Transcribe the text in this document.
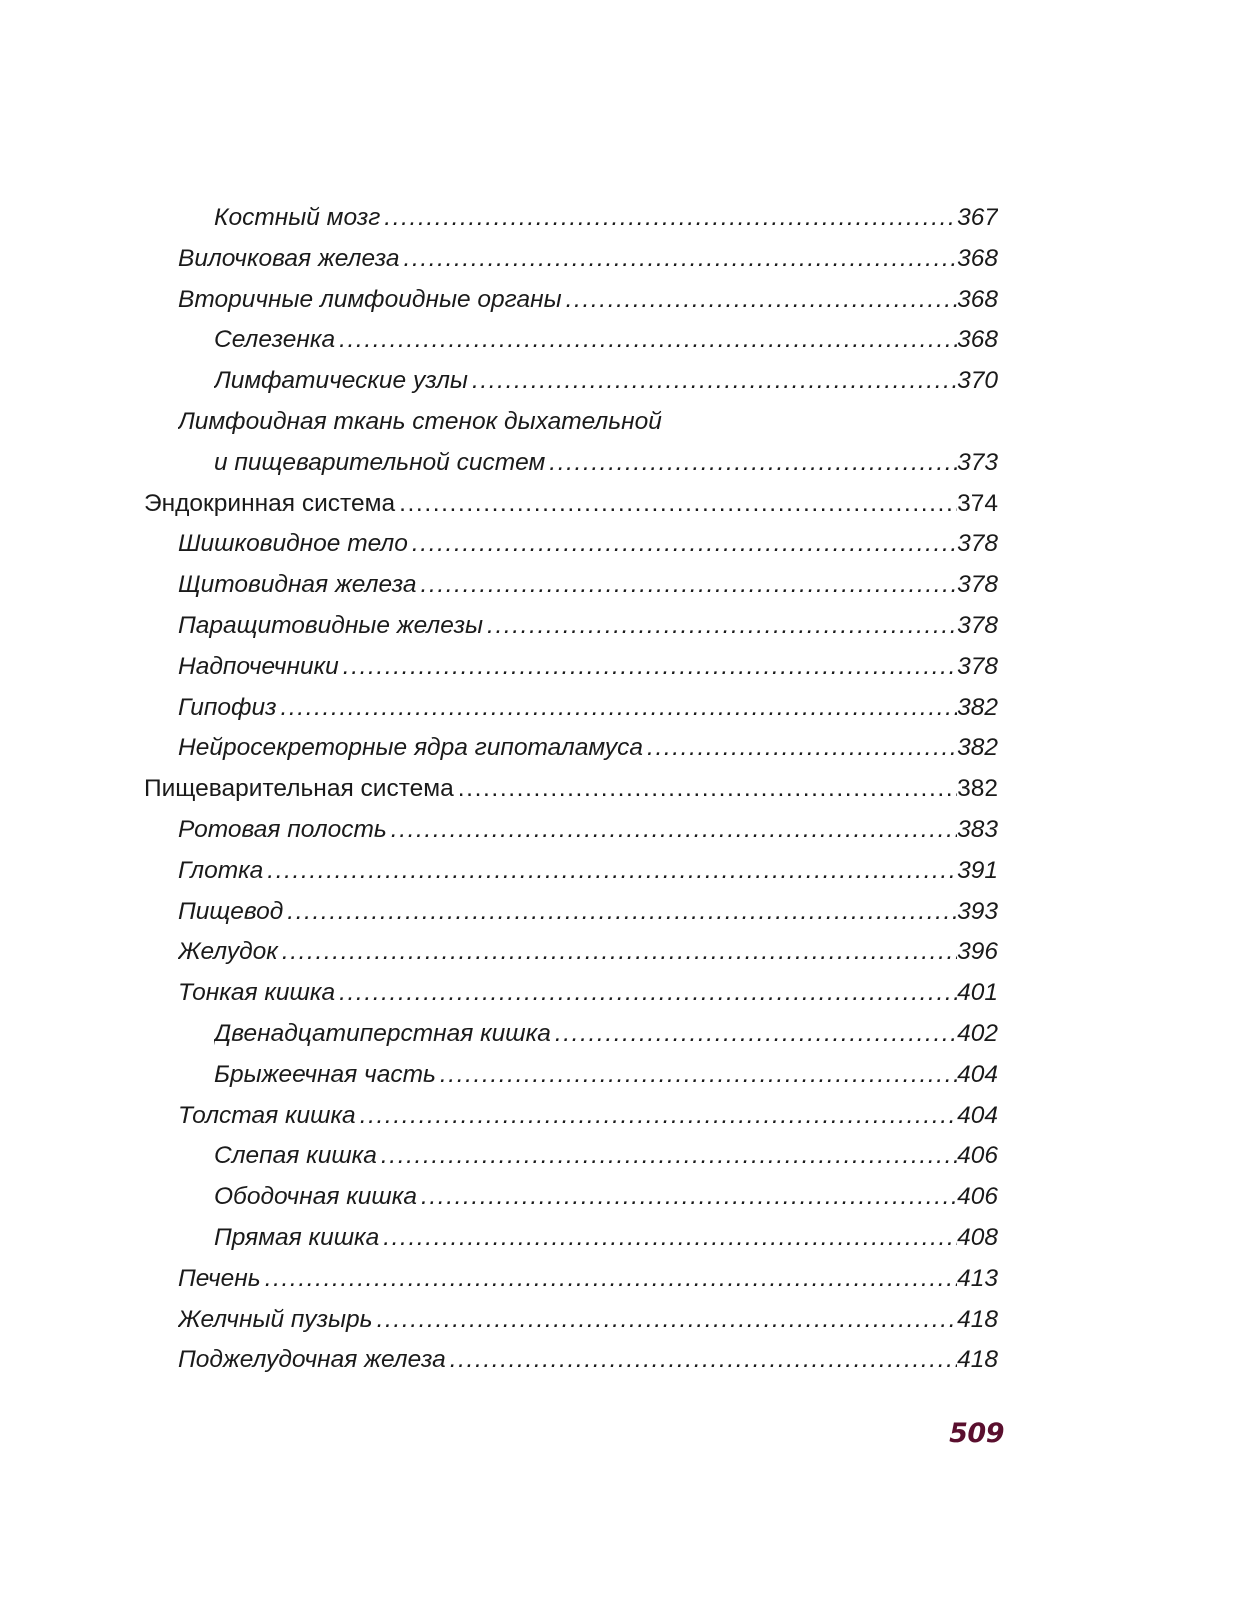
Костный мозг . . .	367
Вилочковая железа . . .	368
Вторичные лимфоидные органы . . .	368
Селезенка . . .	368
Лимфатические узлы . . .	370
Лимфоидная ткань стенок дыхательной
и пищеварительной систем . . .	373
Эндокринная система . . .	374
Шишковидное тело . . .	378
Щитовидная железа . . .	378
Паращитовидные железы . . .	378
Надпочечники . . .	378
Гипофиз . . .	382
Нейросекреторные ядра гипоталамуса . . .	382
Пищеварительная система . . .	382
Ротовая полость . . .	383
Глотка . . .	391
Пищевод . . .	393
Желудок . . .	396
Тонкая кишка . . .	401
Двенадцатиперстная кишка . . .	402
Брыжеечная часть . . .	404
Толстая кишка . . .	404
Слепая кишка . . .	406
Ободочная кишка . . .	406
Прямая кишка . . .	408
Печень . . .	413
Желчный пузырь . . .	418
Поджелудочная железа . . .	418
509
